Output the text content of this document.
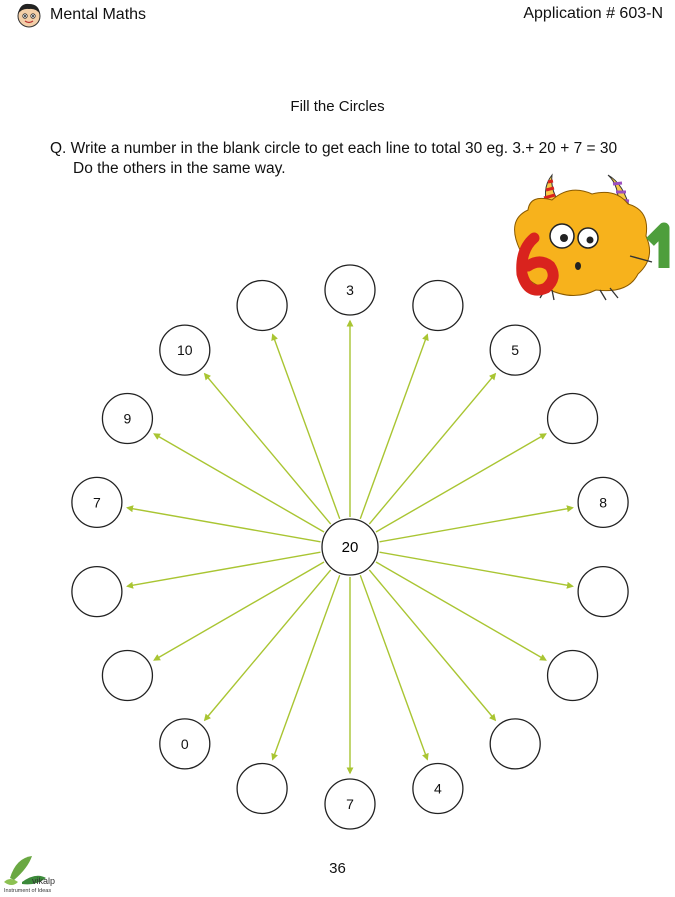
Mental Maths	Application # 603-N
Fill the Circles
Q. Write a number in the blank circle to get each line to total 30 eg. 3.+ 20 + 7 = 30
Do the others in the same way.
3
7
5
0
8
7
9
10
4
20
36
vikalp
Instrument of Ideas
